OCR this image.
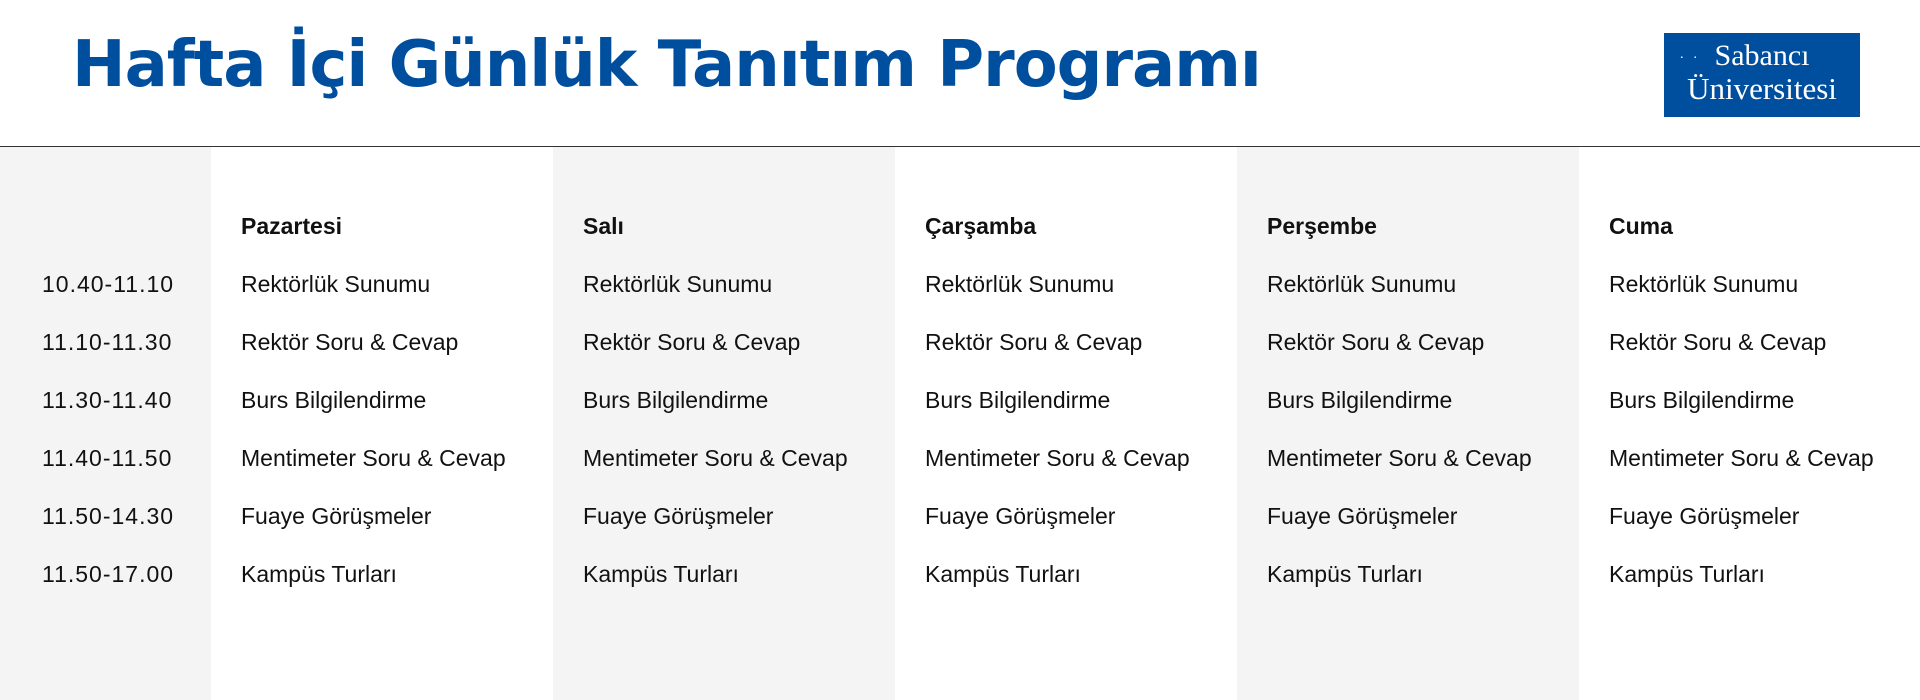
Hafta İçi Günlük Tanıtım Programı	.. Sabancı
Üniversitesi
10.40-11.10
11.10-11.30
11.30-11.40
11.40-11.50
11.50-14.30
11.50-17.00
Pazartesi
Rektörlük Sunumu
Rektör Soru & Cevap
Burs Bilgilendirme
Mentimeter Soru & Cevap
Fuaye Görüşmeler
Kampüs Turları
Salı
Rektörlük Sunumu
Rektör Soru & Cevap
Burs Bilgilendirme
Mentimeter Soru & Cevap
Fuaye Görüşmeler
Kampüs Turları
Çarşamba
Rektörlük Sunumu
Rektör Soru & Cevap
Burs Bilgilendirme
Mentimeter Soru & Cevap
Fuaye Görüşmeler
Kampüs Turları
Perşembe
Rektörlük Sunumu
Rektör Soru & Cevap
Burs Bilgilendirme
Mentimeter Soru & Cevap
Fuaye Görüşmeler
Kampüs Turları
Cuma
Rektörlük Sunumu
Rektör Soru & Cevap
Burs Bilgilendirme
Mentimeter Soru & Cevap
Fuaye Görüşmeler
Kampüs Turları
